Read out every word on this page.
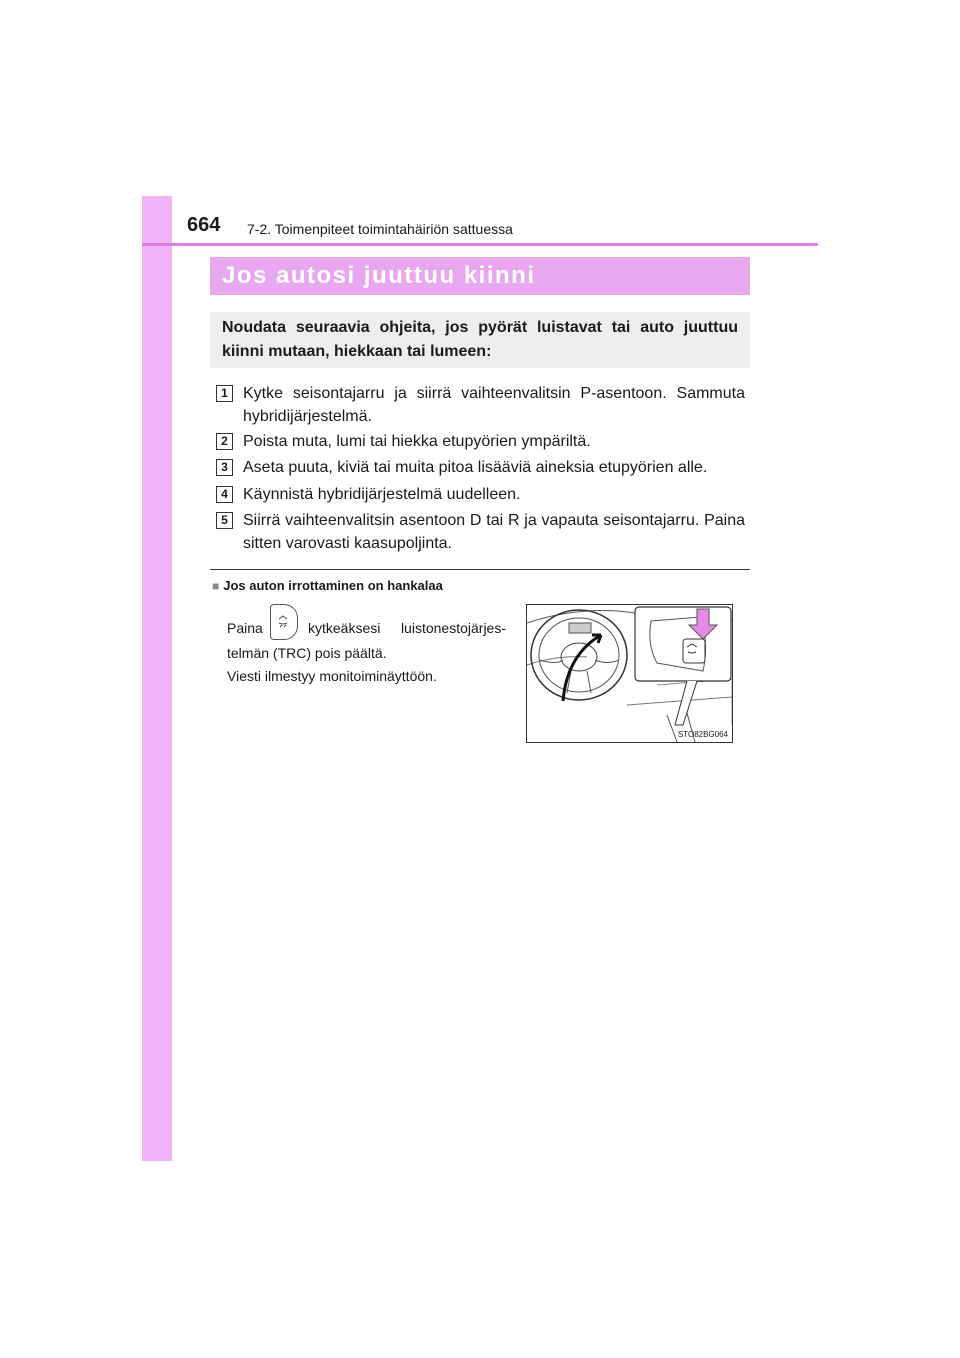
664 7-2. Toimenpiteet toimintahäiriön sattuessa
Jos autosi juuttuu kiinni
Noudata seuraavia ohjeita, jos pyörät luistavat tai auto juuttuu kiinni mutaan, hiekkaan tai lumeen:
1 Kytke seisontajarru ja siirrä vaihteenvalitsin P-asentoon. Sammuta hybridijärjestelmä.
2 Poista muta, lumi tai hiekka etupyörien ympäriltä.
3 Aseta puuta, kiviä tai muita pitoa lisääviä aineksia etupyörien alle.
4 Käynnistä hybridijärjestelmä uudelleen.
5 Siirrä vaihteenvalitsin asentoon D tai R ja vapauta seisontajarru. Paina sitten varovasti kaasupoljinta.
■ Jos auton irrottaminen on hankalaa
Paina	kytkeäksesi luistonestojärjes-
telmän (TRC) pois päältä.
Viesti ilmestyy monitoiminäyttöön.
STO82BG064
